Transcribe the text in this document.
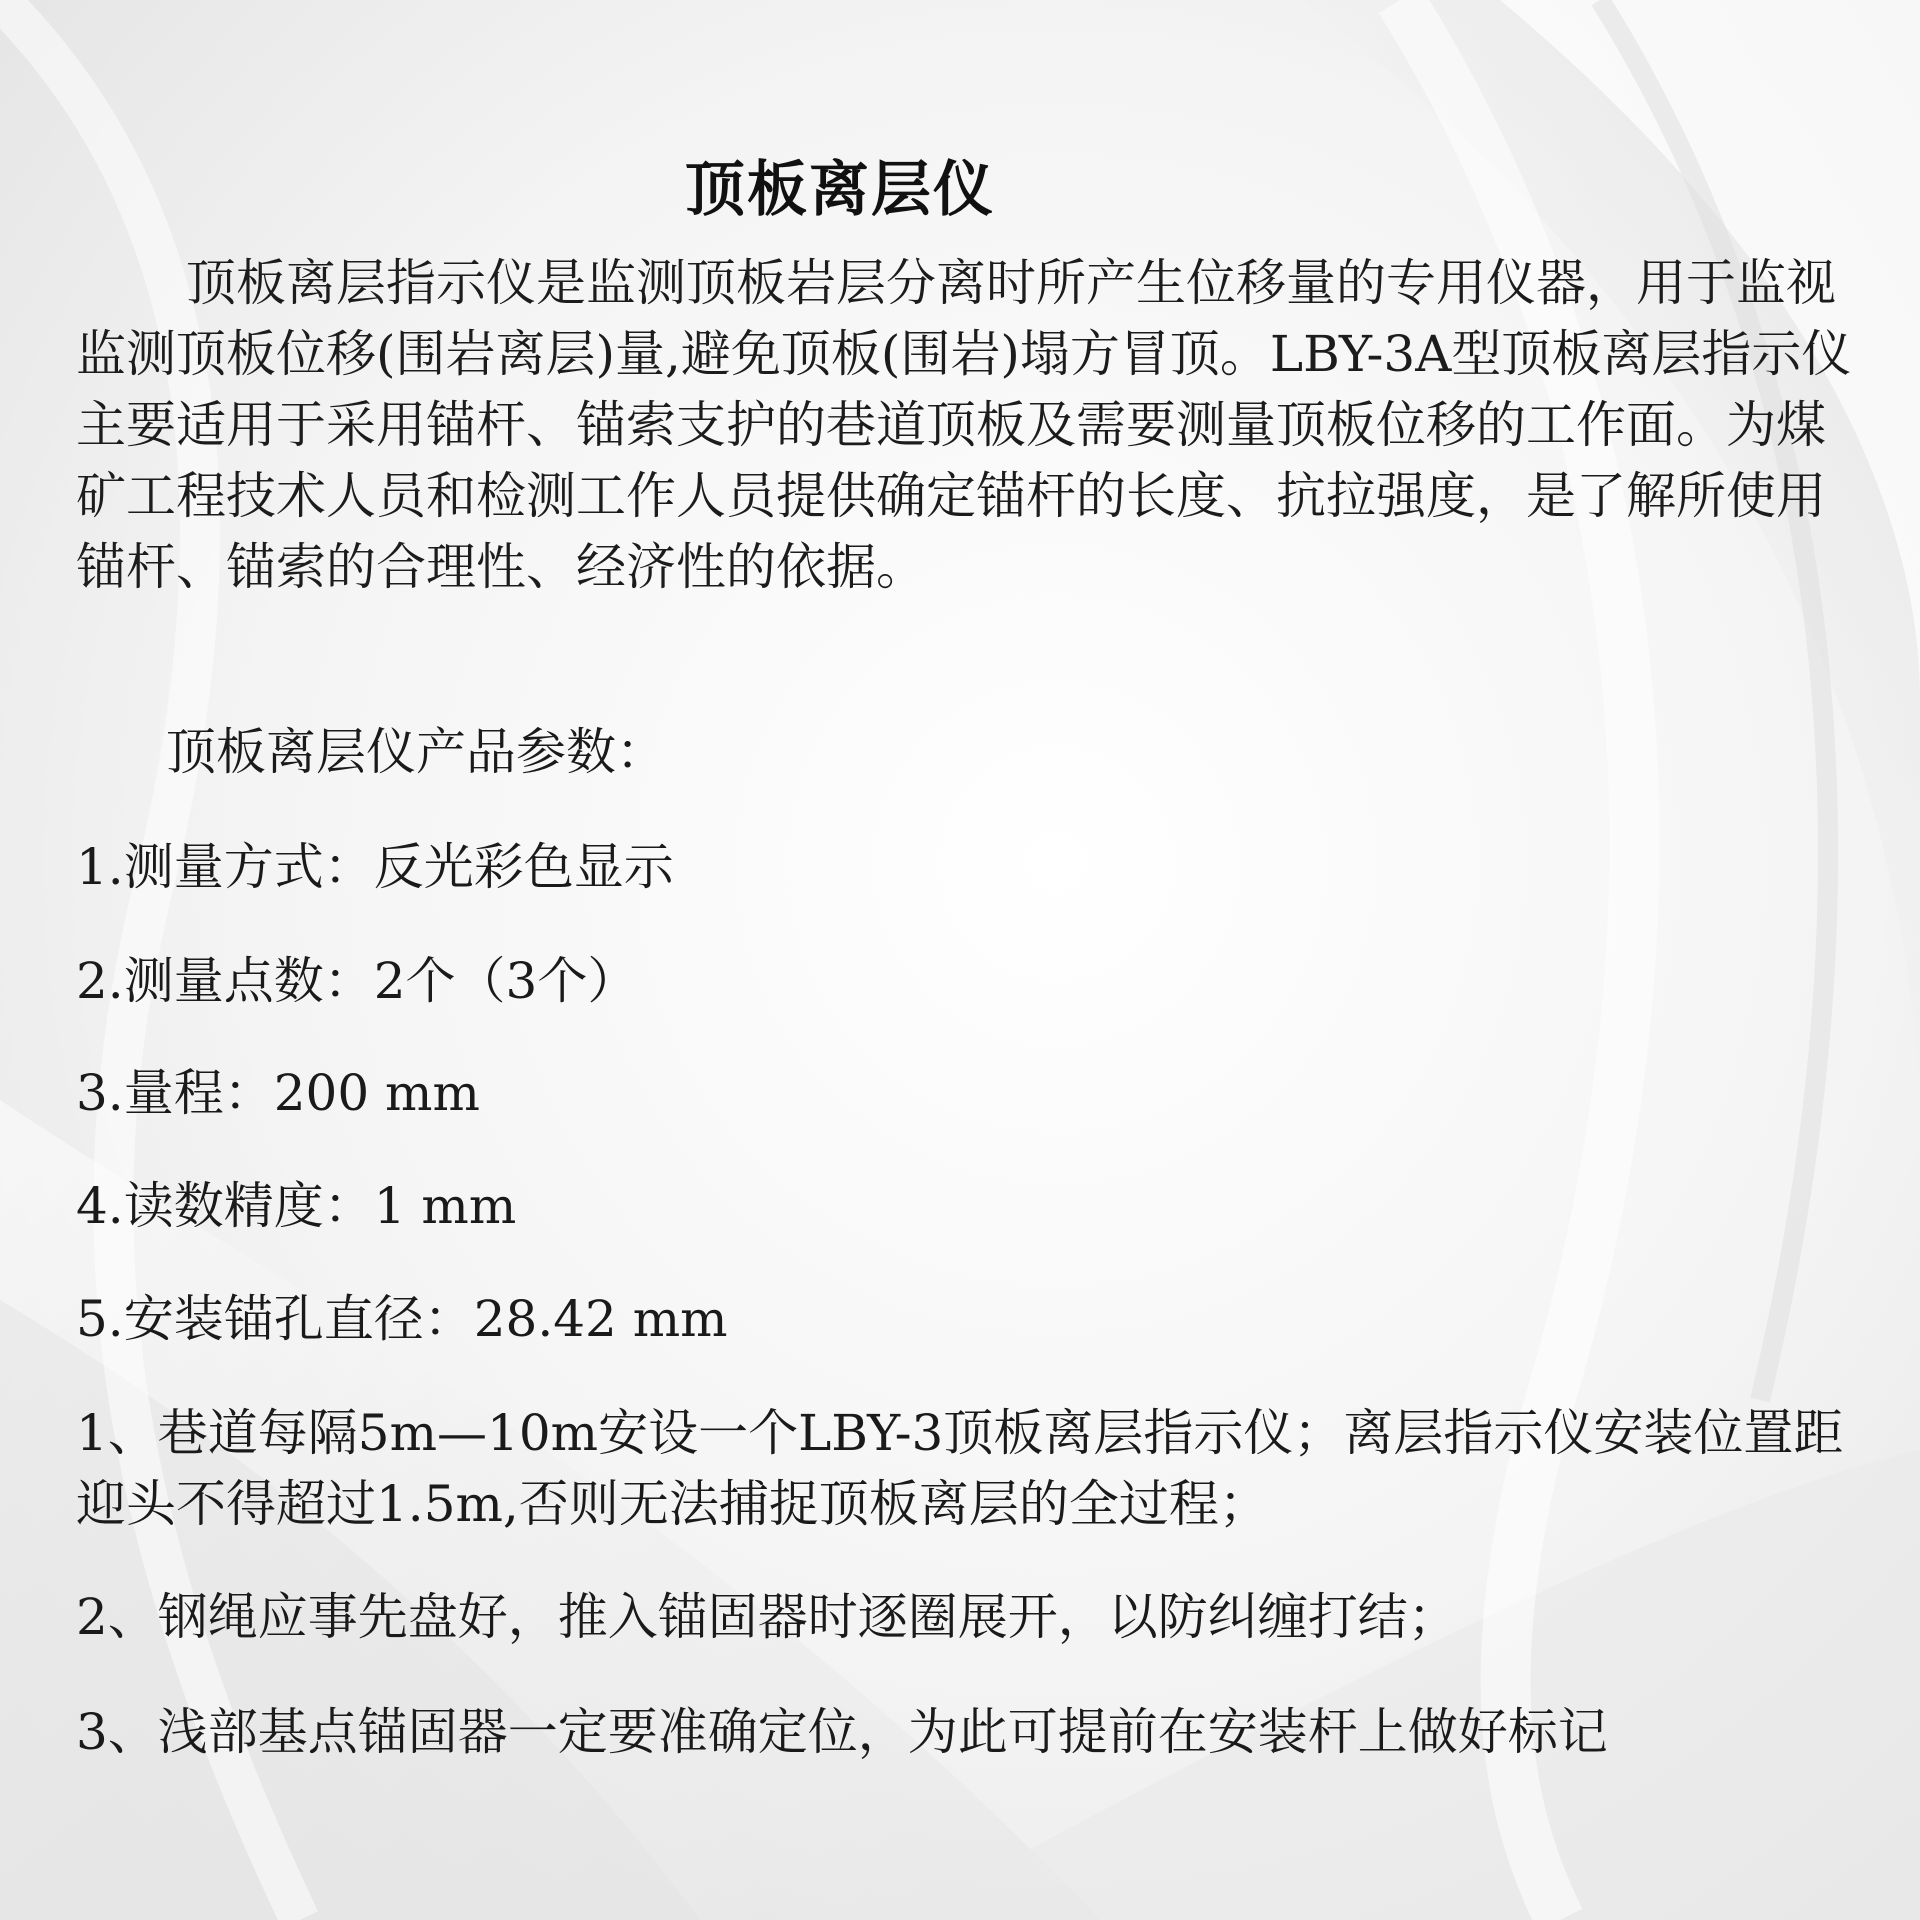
顶板离层仪

顶板离层指示仪是监测顶板岩层分离时所产生位移量的专用仪器，用于监视监测顶板位移(围岩离层)量,避免顶板(围岩)塌方冒顶。LBY-3A型顶板离层指示仪主要适用于采用锚杆、锚索支护的巷道顶板及需要测量顶板位移的工作面。为煤矿工程技术人员和检测工作人员提供确定锚杆的长度、抗拉强度，是了解所使用锚杆、锚索的合理性、经济性的依据。

顶板离层仪产品参数：

1.测量方式：反光彩色显示

2.测量点数：2个（3个）

3.量程：200 mm

4.读数精度：1 mm

5.安装锚孔直径：28.42 mm

1、巷道每隔5m—10m安设一个LBY-3顶板离层指示仪；离层指示仪安装位置距迎头不得超过1.5m,否则无法捕捉顶板离层的全过程；

2、钢绳应事先盘好，推入锚固器时逐圈展开，以防纠缠打结；

3、浅部基点锚固器一定要准确定位，为此可提前在安装杆上做好标记
